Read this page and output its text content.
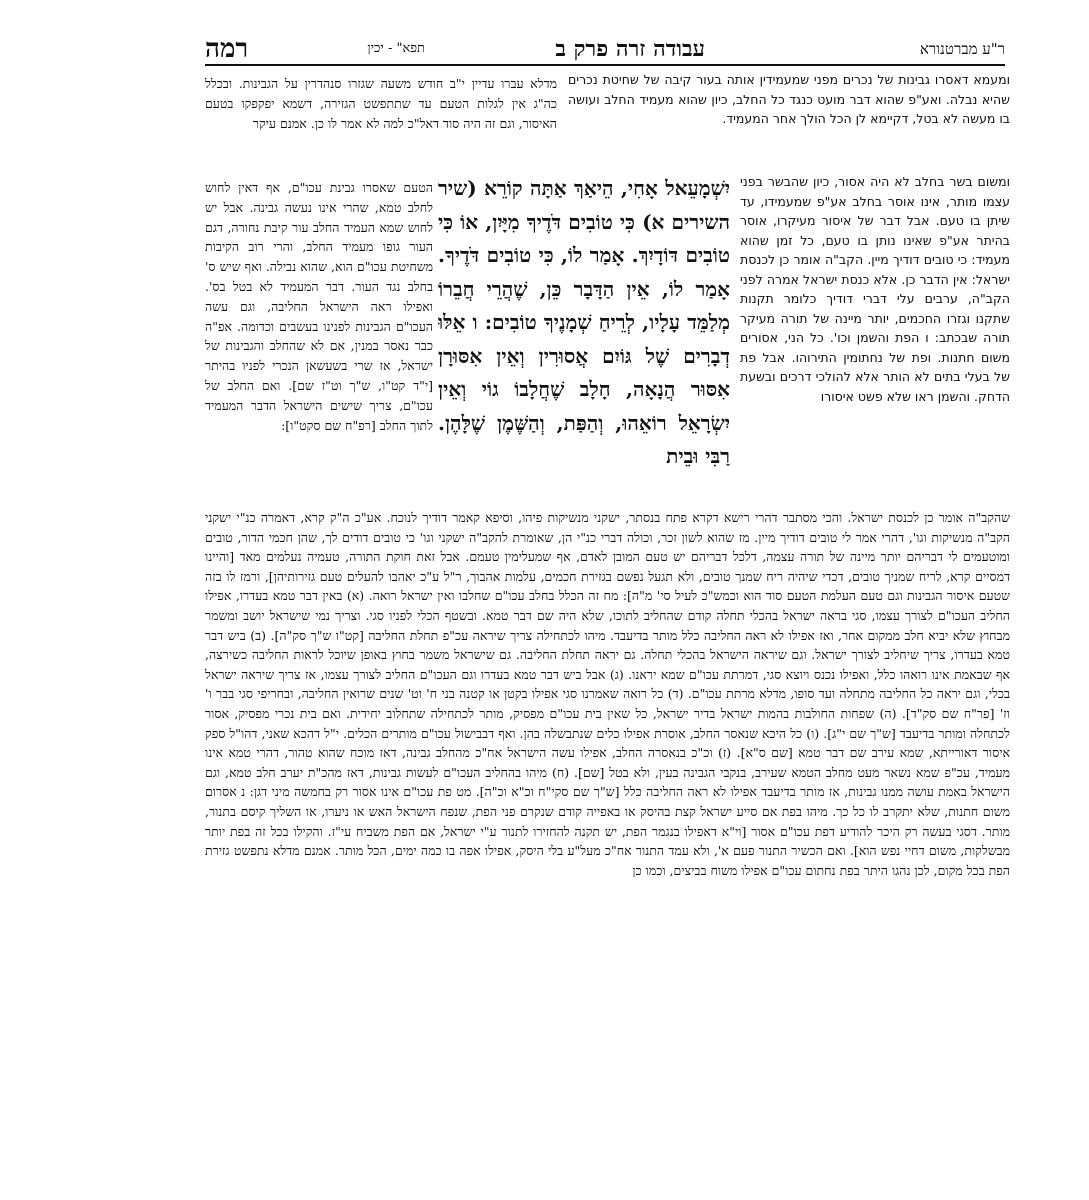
ר"ע מברטנורא
עבודה זרה פרק ב
תפא" - יכין
רמה

ומעמא דאסרו גבינות של נכרים מפני שמעמידין אותה בעור קיבה של שחיטת נכרים שהיא נבלה. ואע"פ שהוא דבר מועט כנגד כל החלב, כיון שהוא מעמיד החלב ועושה בו מעשה לא בטל, דקיימא לן הכל הולך אחר המעמיד.

ומשום בשר בחלב לא היה אסור, כיון שהבשר בפני עצמו מותר, אינו אוסר בחלב אע"פ שמעמידו, עד שיתן בו טעם. אבל דבר של איסור מעיקרו, אוסר בהיתר אע"פ שאינו נותן בו טעם, כל זמן שהוא מעמיד: כי טובים דודיך מיין. הקב"ה אומר כן לכנסת ישראל: אין הדבר כן. אלא כנסת ישראל אמרה לפני הקב"ה, ערבים עלי דברי דודיך כלומר תקנות שתקנו וגזרו החכמים, יותר מיינה של תורה מעיקר תורה שבכתב: ו הפת והשמן וכו'. כל הני, אסורים משום חתנות. ופת של נחתומין התירוהו. אבל פת של בעלי בתים לא הותר אלא להולכי דרכים ובשעת הדחק. והשמן ראו שלא פשט איסורו

יִשְׁמָעֵאל אָחִי, הֵיאַךְ אַתָּה קוֹרֵא (שיר השירים א) כִּי טוֹבִים דֹּדֶיךָ מִיָּיִן, אוֹ כִּי טוֹבִים דּוֹדָיִךְ. אָמַר לוֹ, כִּי טוֹבִים דֹּדֶיךָ. אָמַר לוֹ, אֵין הַדָּבָר כֵּן, שֶׁהֲרֵי חֲבֵרוֹ מְלַמֵּד עָלָיו, לְרֵיחַ שְׁמָנֶיךָ טוֹבִים: ו אֵלּוּ דְבָרִים שֶׁל גּוֹיִם אֲסוּרִין וְאֵין אִסּוּרָן אִסּוּר הֲנָאָה, חָלָב שֶׁחֲלָבוֹ גוֹי וְאֵין יִשְׂרָאֵל רוֹאֵהוּ, וְהַפַּת, וְהַשֶּׁמֶן שֶׁלָּהֶן. רַבִּי וּבֵית

מדלא עברו עדיין י"ב חודש משעה שגזרו סנהדרין על הגבינות. ובכלל כה"ג אין לגלות הטעם עד שתתפשט הגזירה, דשמא יפקפקו בטעם האיסור, וגם זה היה סוד דאל"כ למה לא אמר לו כן. אמנם עיקר

הטעם שאסרו גבינת עכו"ם, אף דאין לחוש לחלב טמא, שהרי אינו נעשה גבינה. אבל יש לחוש שמא העמיד החלב עור קיבת נחורה, דגם העור גופו מעמיד החלב, והרי רוב הקיבות משחיטת עכו"ם הוא, שהוא נבילה. ואף שיש ס' בחלב נגד העור. דבר המעמיד לא בטל בס'. ואפילו ראה הישראל החליבה, וגם עשה העכו"ם הגבינות לפנינו בעשבים וכדומה. אפ"ה כבר נאסר במנין, אם לא שהחלב והגבינות של ישראל, אז שרי בשעשאן הנכרי לפניו בהיתר [י"ד קט"ו, ש"ך וט"ז שם]. ואם החלב של עכו"ם, צריך שישים הישראל הדבר המעמיד לתוך החלב [רפ"ח שם סקט"ו]:

שהקב"ה אומר כן לכנסת ישראל. והכי מסתבר דהרי רישא דקרא פתח בנסתר, ישקני מנשיקות פיהו, וסיפא קאמר דודיך לנוכח. אע"כ ה"ק קרא, דאמרה כנ"י ישקני הקב"ה מנשיקות וגו', דהרי אמר לי טובים דודיך מיין. מז שהוא לשון זכר, וכולה דברי כנ"י הן, שאומרת להקב"ה ישקני וגו' כי טובים דודים לך, שהן חכמי הדור, טובים ומוטעמים לי דבריהם יותר מיינה של תורה עצמה, דלכל דבריהם יש טעם המובן לאדם, אף שמעלימין טעמם. אבל זאת חוקת התורה, טעמיה נעלמים מאד [והיינו דמסיים קרא, לריח שמניך טובים, דכדי שיהיה ריח שמנך טובים, ולא תגעל נפשם בגזירת חכמים, עלמות אהבוך, ר"ל ע"כ יאהבו להעלים טעם גזירותיהן], ורמז לו בזה שטעם איסור הגבינות וגם טעם העלמת הטעם סוד הוא וכמש"כ לעיל סי' מ"ה]: מח זה הכלל בחלב עכו"ם שחלבו ואין ישראל רואה. (א) באין דבר טמא בעדרו, אפילו החליב העכו"ם לצורך עצמו, סגי בראה ישראל בהכלי תחלה קודם שהחליב לתוכו, שלא היה שם דבר טמא. ובשטף הכלי לפניו סגי. וצריך נמי שישראל יושב ומשמר מבחוץ שלא יביא חלב ממקום אחר, ואז אפילו לא ראה החליבה כלל מותר בדיעבד. מיהו לכתחילה צריך שיראה עכ"פ תחלת החליבה [קט"ו ש"ך סק"ה]. (ב) ביש דבר טמא בעדרו, צריך שיחליב לצורך ישראל. וגם שיראה הישראל בהכלי תחלה. גם יראה תחלת החליבה. גם שישראל משמר בחוץ באופן שיוכל לראות החליבה כשירצה, אף שבאמת אינו רואהו כלל, ואפילו נכנס ויוצא סגי, דמרתת עכו"ם שמא יראנו. (ג) אבל ביש דבר טמא בעדרו וגם העכו"ם החליב לצורך עצמו, אז צריך שיראה ישראל בכלי, וגם יראה כל החליבה מתחלה ועד סופו, מדלא מרתת עכו"ם. (ד) כל רואה שאמרנו סגי אפילו בקטן או קטנה בני ח' וט' שנים שרואין החליבה, ובחריפי סגי בבר ו' וז' [פר"ח שם סק"ד]. (ה) שפחות החולבות בהמות ישראל בדיר ישראל, כל שאין בית עכו"ם מפסיק, מותר לכתחילה שתחלוב יחידית. ואם בית נכרי מפסיק, אסור לכתחלה ומותר בדיעבד [ש"ך שם י"ג]. (ו) כל היכא שנאסר החלב, אוסרת אפילו כלים שנתבשלה בהן. ואף דבבישול עכו"ם מותרים הכלים. י"ל דהכא שאני, דהו"ל ספק איסור דאורייתא, שמא עירב שם דבר טמא [שם ס"א]. (ז) וכ"כ בנאסרה החלב, אפילו עשה הישראל אח"כ מהחלב גבינה, דאז מוכח שהוא טהור, דהרי טמא אינו מעמיד, עכ"פ שמא נשאר מעט מחלב הטמא שעירב, בנקבי הגבינה בעין, ולא בטל [שם]. (ח) מיהו בהחליב העכו"ם לעשות גבינות, דאז מהכ"ת יערב חלב טמא, וגם הישראל באמת עושה ממנו גבינות, אז מותר בדיעבד אפילו לא ראה החליבה כלל [ש"ך שם סקי"ח וכ"א וכ"ה]. מט פת עכו"ם אינו אסור רק בחמשה מיני דגן: נ אסרום משום חתנות, שלא יתקרב לו כל כך. מיהו בפת אם סייע ישראל קצת בהיסק או באפייה קודם שנקרם פני הפת, שנפח הישראל האש או ניערו, או השליך קיסם בתנור, מותר. דסגי בעשה רק היכר להודיע דפת עכו"ם אסור [וי"א דאפילו בנגמר הפת, יש תקנה להחזירו לתנור ע"י ישראל, אם הפת משביח עי"ז. והקילו בכל זה בפת יותר מבשלקות, משום דחיי נפש הוא]. ואם הכשיר התנור פעם א', ולא עמד התנור אח"כ מעל"ע בלי היסק, אפילו אפה בו כמה ימים, הכל מותר. אמנם מדלא נתפשט גזירת הפת בכל מקום, לכן נהגו היתר בפת נחתום עכו"ם אפילו משוח בביצים, וכמו כן
